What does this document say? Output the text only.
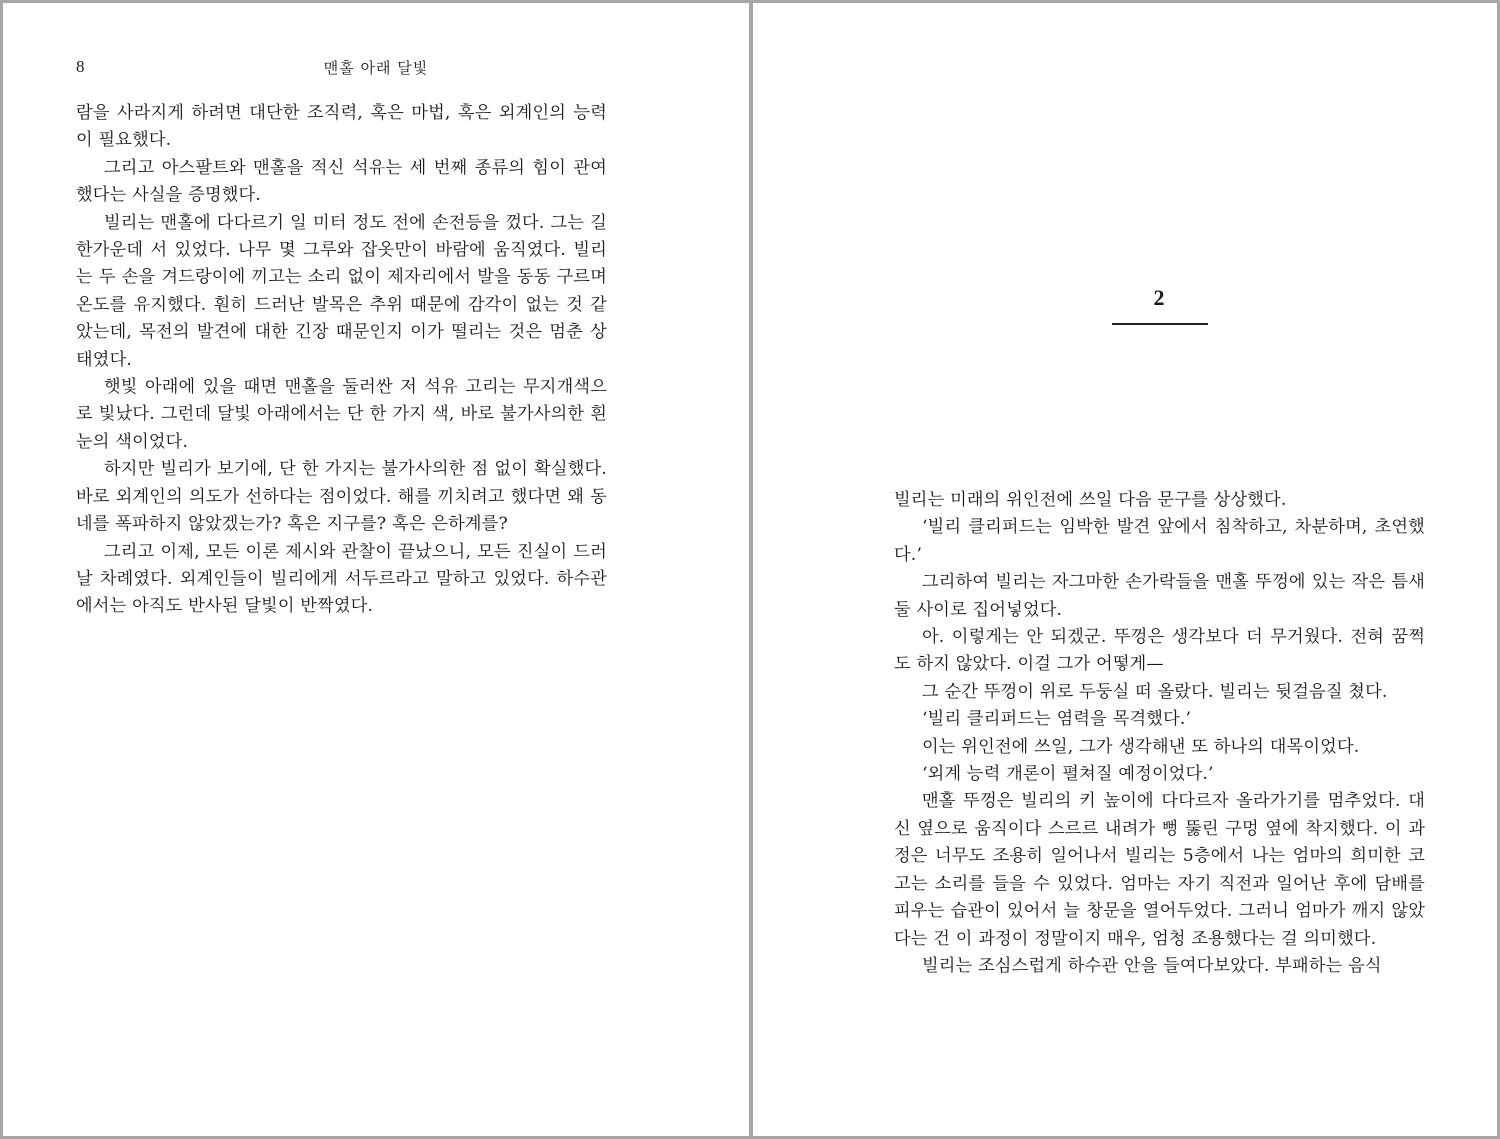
8	맨홀 아래 달빛

람을 사라지게 하려면 대단한 조직력, 혹은 마법, 혹은 외계인의 능력이 필요했다.

그리고 아스팔트와 맨홀을 적신 석유는 세 번째 종류의 힘이 관여했다는 사실을 증명했다.

빌리는 맨홀에 다다르기 일 미터 정도 전에 손전등을 껐다. 그는 길 한가운데 서 있었다. 나무 몇 그루와 잡옷만이 바람에 움직였다. 빌리는 두 손을 겨드랑이에 끼고는 소리 없이 제자리에서 발을 동동 구르며 온도를 유지했다. 훤히 드러난 발목은 추위 때문에 감각이 없는 것 같았는데, 목전의 발견에 대한 긴장 때문인지 이가 떨리는 것은 멈춘 상태였다.

햇빛 아래에 있을 때면 맨홀을 둘러싼 저 석유 고리는 무지개색으로 빛났다. 그런데 달빛 아래에서는 단 한 가지 색, 바로 불가사의한 흰 눈의 색이었다.

하지만 빌리가 보기에, 단 한 가지는 불가사의한 점 없이 확실했다. 바로 외계인의 의도가 선하다는 점이었다. 해를 끼치려고 했다면 왜 동네를 폭파하지 않았겠는가? 혹은 지구를? 혹은 은하계를?

그리고 이제, 모든 이론 제시와 관찰이 끝났으니, 모든 진실이 드러날 차례였다. 외계인들이 빌리에게 서두르라고 말하고 있었다. 하수관에서는 아직도 반사된 달빛이 반짝였다.

2

빌리는 미래의 위인전에 쓰일 다음 문구를 상상했다.

‘빌리 클리퍼드는 임박한 발견 앞에서 침착하고, 차분하며, 초연했다.’

그리하여 빌리는 자그마한 손가락들을 맨홀 뚜껑에 있는 작은 틈새 둘 사이로 집어넣었다.

아. 이렇게는 안 되겠군. 뚜껑은 생각보다 더 무거웠다. 전혀 꿈쩍도 하지 않았다. 이걸 그가 어떻게—

그 순간 뚜껑이 위로 두둥실 떠 올랐다. 빌리는 뒷걸음질 쳤다.

‘빌리 클리퍼드는 염력을 목격했다.’

이는 위인전에 쓰일, 그가 생각해낸 또 하나의 대목이었다.

‘외계 능력 개론이 펼쳐질 예정이었다.’

맨홀 뚜껑은 빌리의 키 높이에 다다르자 올라가기를 멈추었다. 대신 옆으로 움직이다 스르르 내려가 뻥 뚫린 구멍 옆에 착지했다. 이 과정은 너무도 조용히 일어나서 빌리는 5층에서 나는 엄마의 희미한 코 고는 소리를 들을 수 있었다. 엄마는 자기 직전과 일어난 후에 담배를 피우는 습관이 있어서 늘 창문을 열어두었다. 그러니 엄마가 깨지 않았다는 건 이 과정이 정말이지 매우, 엄청 조용했다는 걸 의미했다.

빌리는 조심스럽게 하수관 안을 들여다보았다. 부패하는 음식
